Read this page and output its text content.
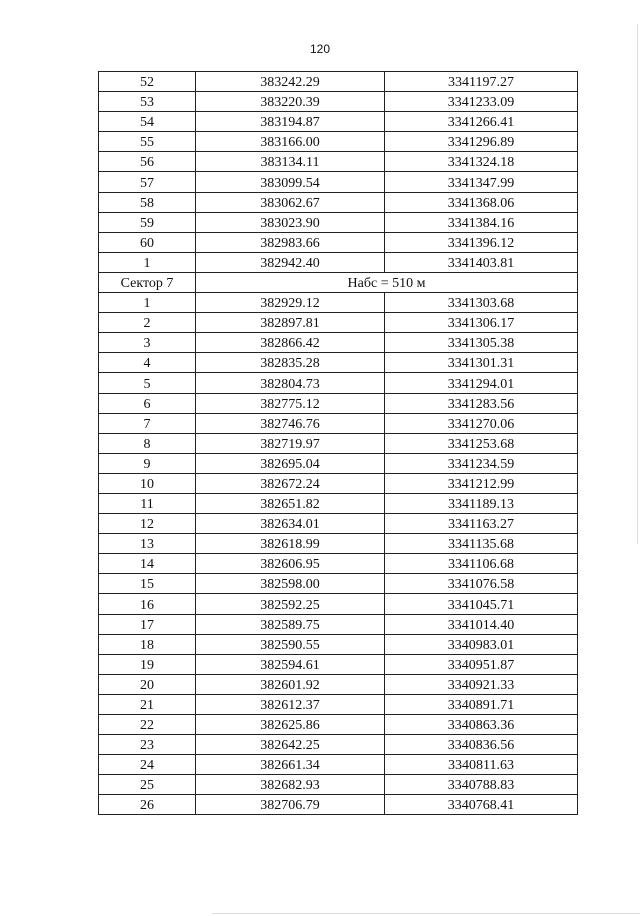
120
52	383242.29	3341197.27
53	383220.39	3341233.09
54	383194.87	3341266.41
55	383166.00	3341296.89
56	383134.11	3341324.18
57	383099.54	3341347.99
58	383062.67	3341368.06
59	383023.90	3341384.16
60	382983.66	3341396.12
1	382942.40	3341403.81
Сектор 7	Набс = 510 м	
1	382929.12	3341303.68
2	382897.81	3341306.17
3	382866.42	3341305.38
4	382835.28	3341301.31
5	382804.73	3341294.01
6	382775.12	3341283.56
7	382746.76	3341270.06
8	382719.97	3341253.68
9	382695.04	3341234.59
10	382672.24	3341212.99
11	382651.82	3341189.13
12	382634.01	3341163.27
13	382618.99	3341135.68
14	382606.95	3341106.68
15	382598.00	3341076.58
16	382592.25	3341045.71
17	382589.75	3341014.40
18	382590.55	3340983.01
19	382594.61	3340951.87
20	382601.92	3340921.33
21	382612.37	3340891.71
22	382625.86	3340863.36
23	382642.25	3340836.56
24	382661.34	3340811.63
25	382682.93	3340788.83
26	382706.79	3340768.41
